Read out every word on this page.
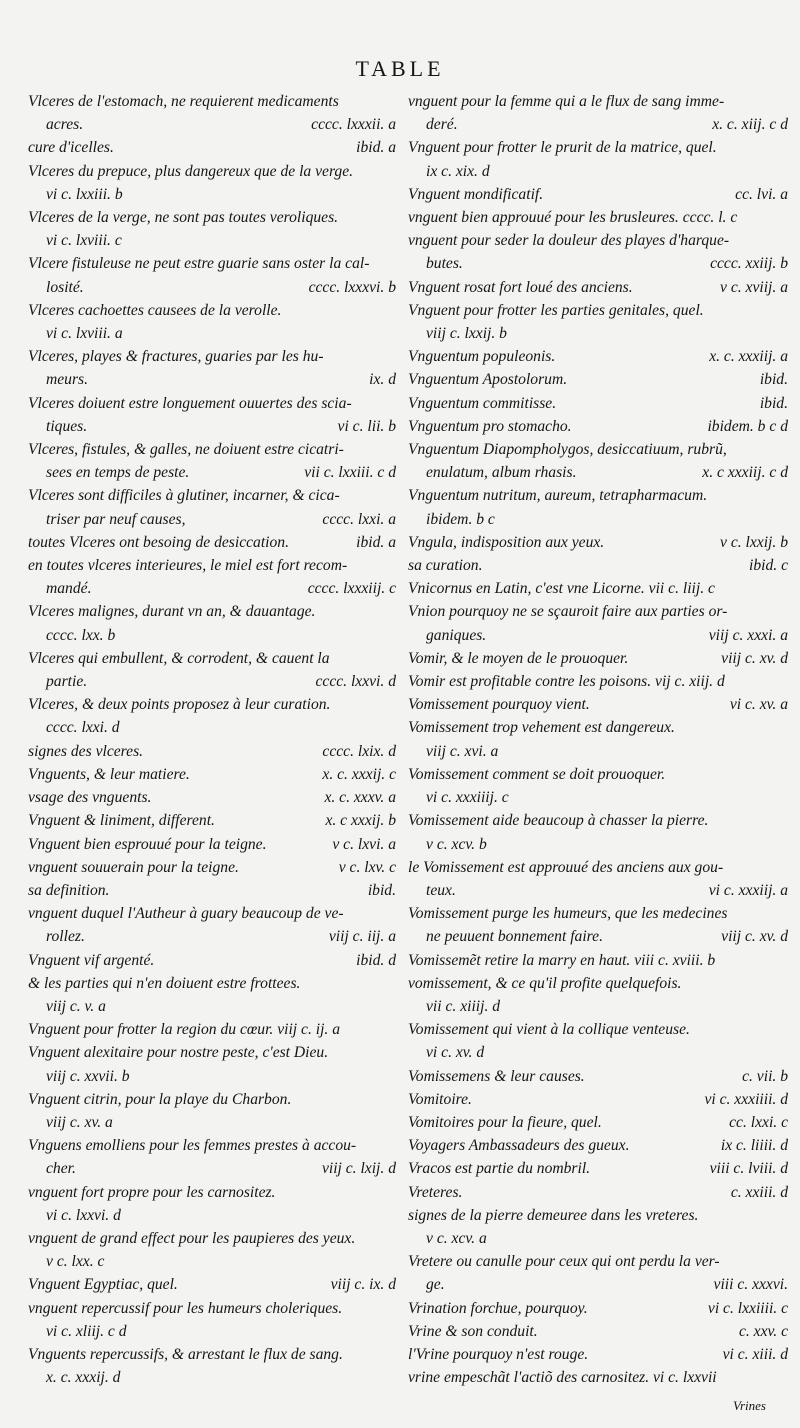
TABLE
Vlceres de l'estomach, ne requierent medicaments
acres.	cccc. lxxxii. a
cure d'icelles.	ibid. a
Vlceres du prepuce, plus dangereux que de la verge.
vi c. lxxiii. b
Vlceres de la verge, ne sont pas toutes veroliques.
vi c. lxviii. c
Vlcere fistuleuse ne peut estre guarie sans oster la cal-
losité.	cccc. lxxxvi. b
Vlceres cachoettes causees de la verolle.
vi c. lxviii. a
Vlceres, playes & fractures, guaries par les hu-
meurs.	ix. d
Vlceres doiuent estre longuement ouuertes des scia-
tiques.	vi c. lii. b
Vlceres, fistules, & galles, ne doiuent estre cicatri-
sees en temps de peste.	vii c. lxxiii. c d
Vlceres sont difficiles à glutiner, incarner, & cica-
triser par neuf causes,	cccc. lxxi. a
toutes Vlceres ont besoing de desiccation.	ibid. a
en toutes vlceres interieures, le miel est fort recom-
mandé.	cccc. lxxxiij. c
Vlceres malignes, durant vn an, & dauantage.
cccc. lxx. b
Vlceres qui embullent, & corrodent, & cauent la
partie.	cccc. lxxvi. d
Vlceres, & deux points proposez à leur curation.
cccc. lxxi. d
signes des vlceres.	cccc. lxix. d
Vnguents, & leur matiere.	x. c. xxxij. c
vsage des vnguents.	x. c. xxxv. a
Vnguent & liniment, different.	x. c xxxij. b
Vnguent bien esprouué pour la teigne.	v c. lxvi. a
vnguent souuerain pour la teigne.	v c. lxv. c
sa definition.	ibid.
vnguent duquel l'Autheur à guary beaucoup de ve-
rollez.	viij c. iij. a
Vnguent vif argenté.	ibid. d
& les parties qui n'en doiuent estre frottees.
viij c. v. a
Vnguent pour frotter la region du cœur. viij c. ij. a
Vnguent alexitaire pour nostre peste, c'est Dieu.
viij c. xxvii. b
Vnguent citrin, pour la playe du Charbon.
viij c. xv. a
Vnguens emolliens pour les femmes prestes à accou-
cher.	viij c. lxij. d
vnguent fort propre pour les carnositez.
vi c. lxxvi. d
vnguent de grand effect pour les paupieres des yeux.
v c. lxx. c
Vnguent Egyptiac, quel.	viij c. ix. d
vnguent repercussif pour les humeurs choleriques.
vi c. xliij. c d
Vnguents repercussifs, & arrestant le flux de sang.
x. c. xxxij. d
vnguent pour la femme qui a le flux de sang imme-
deré.	x. c. xiij. c d
Vnguent pour frotter le prurit de la matrice, quel.
ix c. xix. d
Vnguent mondificatif.	cc. lvi. a
vnguent bien approuué pour les brusleures. cccc. l. c
vnguent pour seder la douleur des playes d'harque-
butes.	cccc. xxiij. b
Vnguent rosat fort loué des anciens.	v c. xviij. a
Vnguent pour frotter les parties genitales, quel.
viij c. lxxij. b
Vnguentum populeonis.	x. c. xxxiij. a
Vnguentum Apostolorum.	ibid.
Vnguentum commitisse.	ibid.
Vnguentum pro stomacho.	ibidem. b c d
Vnguentum Diapompholygos, desiccatiuum, rubrũ,
enulatum, album rhasis.	x. c xxxiij. c d
Vnguentum nutritum, aureum, tetrapharmacum.
ibidem. b c
Vngula, indisposition aux yeux.	v c. lxxij. b
sa curation.	ibid. c
Vnicornus en Latin, c'est vne Licorne. vii c. liij. c
Vnion pourquoy ne se sçauroit faire aux parties or-
ganiques.	viij c. xxxi. a
Vomir, & le moyen de le prouoquer.	viij c. xv. d
Vomir est profitable contre les poisons. vij c. xiij. d
Vomissement pourquoy vient.	vi c. xv. a
Vomissement trop vehement est dangereux.
viij c. xvi. a
Vomissement comment se doit prouoquer.
vi c. xxxiiij. c
Vomissement aide beaucoup à chasser la pierre.
v c. xcv. b
le Vomissement est approuué des anciens aux gou-
teux.	vi c. xxxiij. a
Vomissement purge les humeurs, que les medecines
ne peuuent bonnement faire.	viij c. xv. d
Vomissemẽt retire la marry en haut. viii c. xviii. b
vomissement, & ce qu'il profite quelquefois.
vii c. xiiij. d
Vomissement qui vient à la collique venteuse.
vi c. xv. d
Vomissemens & leur causes.	c. vii. b
Vomitoire.	vi c. xxxiiii. d
Vomitoires pour la fieure, quel.	cc. lxxi. c
Voyagers Ambassadeurs des gueux.	ix c. liiii. d
Vracos est partie du nombril.	viii c. lviii. d
Vreteres.	c. xxiii. d
signes de la pierre demeuree dans les vreteres.
v c. xcv. a
Vretere ou canulle pour ceux qui ont perdu la ver-
ge.	viii c. xxxvi.
Vrination forchue, pourquoy.	vi c. lxxiiii. c
Vrine & son conduit.	c. xxv. c
l'Vrine pourquoy n'est rouge.	vi c. xiii. d
vrine empeschãt l'actiõ des carnositez. vi c. lxxvii
Vrines
